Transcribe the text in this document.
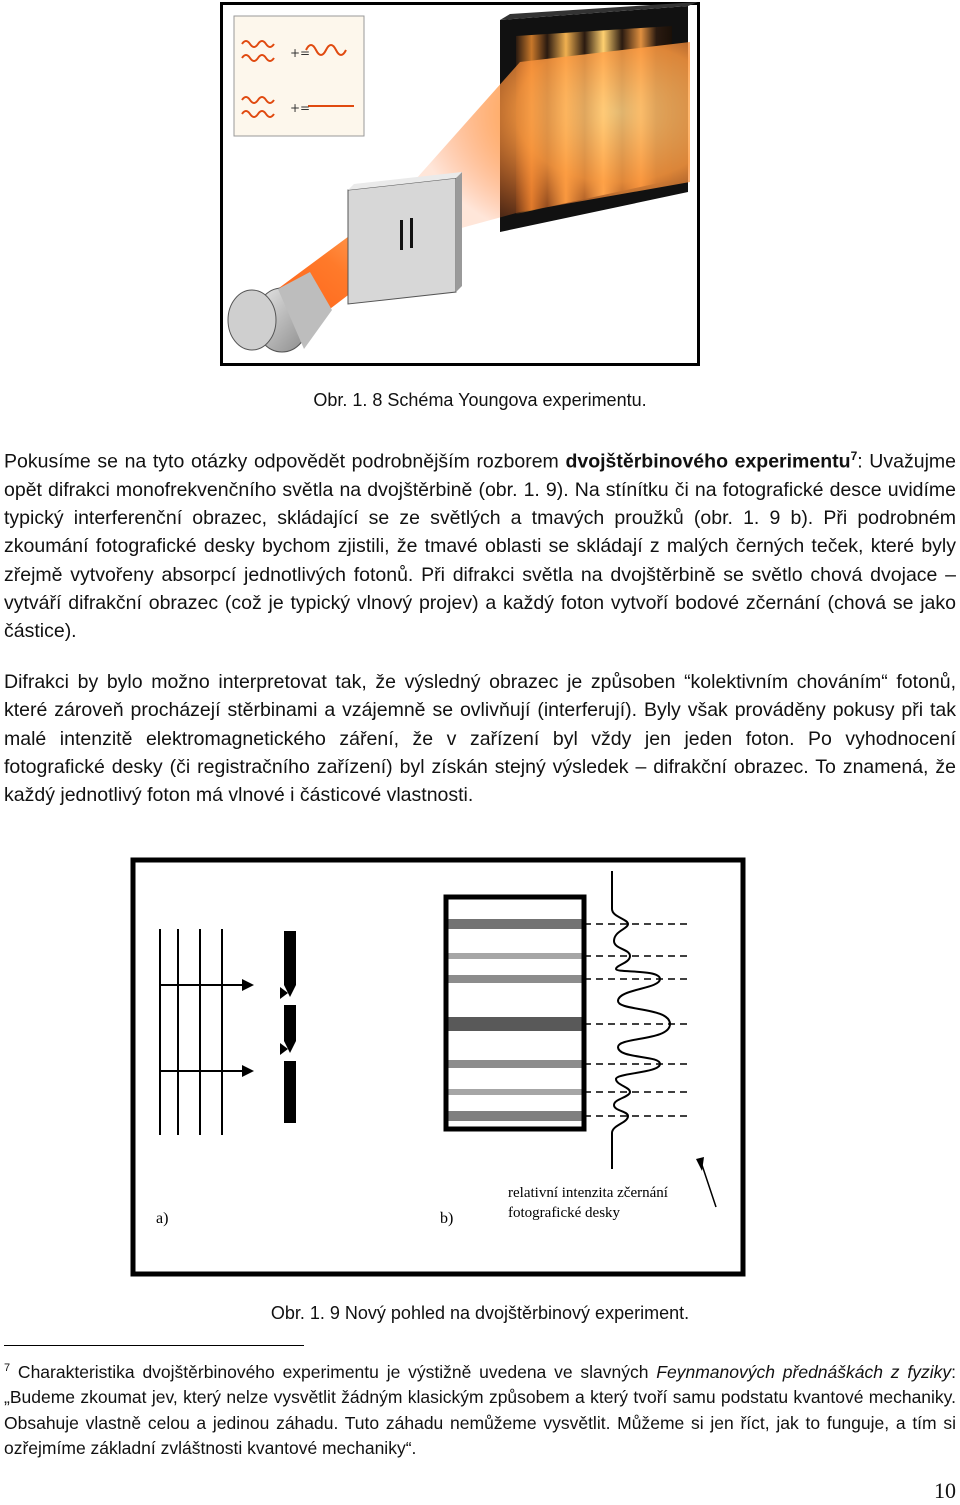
+=
+=
Obr. 1. 8 Schéma Youngova experimentu.

Pokusíme se na tyto otázky odpovědět podrobnějším rozborem dvojštěrbinového experimentu$^7$: Uvažujme opět difrakci monofrekvenčního světla na dvojštěrbině (obr. 1. 9). Na stínítku či na fotografické desce uvidíme typický interferenční obrazec, skládající se ze světlých a tmavých proužků (obr. 1. 9 b). Při podrobném zkoumání fotografické desky bychom zjistili, že tmavé oblasti se skládají z malých černých teček, které byly zřejmě vytvořeny absorpcí jednotlivých fotonů. Při difrakci světla na dvojštěrbině se světlo chová dvojace – vytváří difrakční obrazec (což je typický vlnový projev) a každý foton vytvoří bodové zčernání (chová se jako částice).

Difrakci by bylo možno interpretovat tak, že výsledný obrazec je způsoben “kolektivním chováním“ fotonů, které zároveň procházejí stěrbinami a vzájemně se ovlivňují (interferují). Byly však prováděny pokusy při tak malé intenzitě elektromagnetického záření, že v zařízení byl vždy jen jeden foton. Po vyhodnocení fotografické desky (či registračního zařízení) byl získán stejný výsledek – difrakční obrazec. To znamená, že každý jednotlivý foton má vlnové i částicové vlastnosti.

a)	b)
relativní intenzita zčernání
fotografické desky
Obr. 1. 9 Nový pohled na dvojštěrbinový experiment.

$^7$ Charakteristika dvojštěrbinového experimentu je výstižně uvedena ve slavných Feynmanových přednáškách z fyziky: „Budeme zkoumat jev, který nelze vysvětlit žádným klasickým způsobem a který tvoří samu podstatu kvantové mechaniky. Obsahuje vlastně celou a jedinou záhadu. Tuto záhadu nemůžeme vysvětlit. Můžeme si jen říct, jak to funguje, a tím si ozřejmíme základní zvláštnosti kvantové mechaniky“.

10
